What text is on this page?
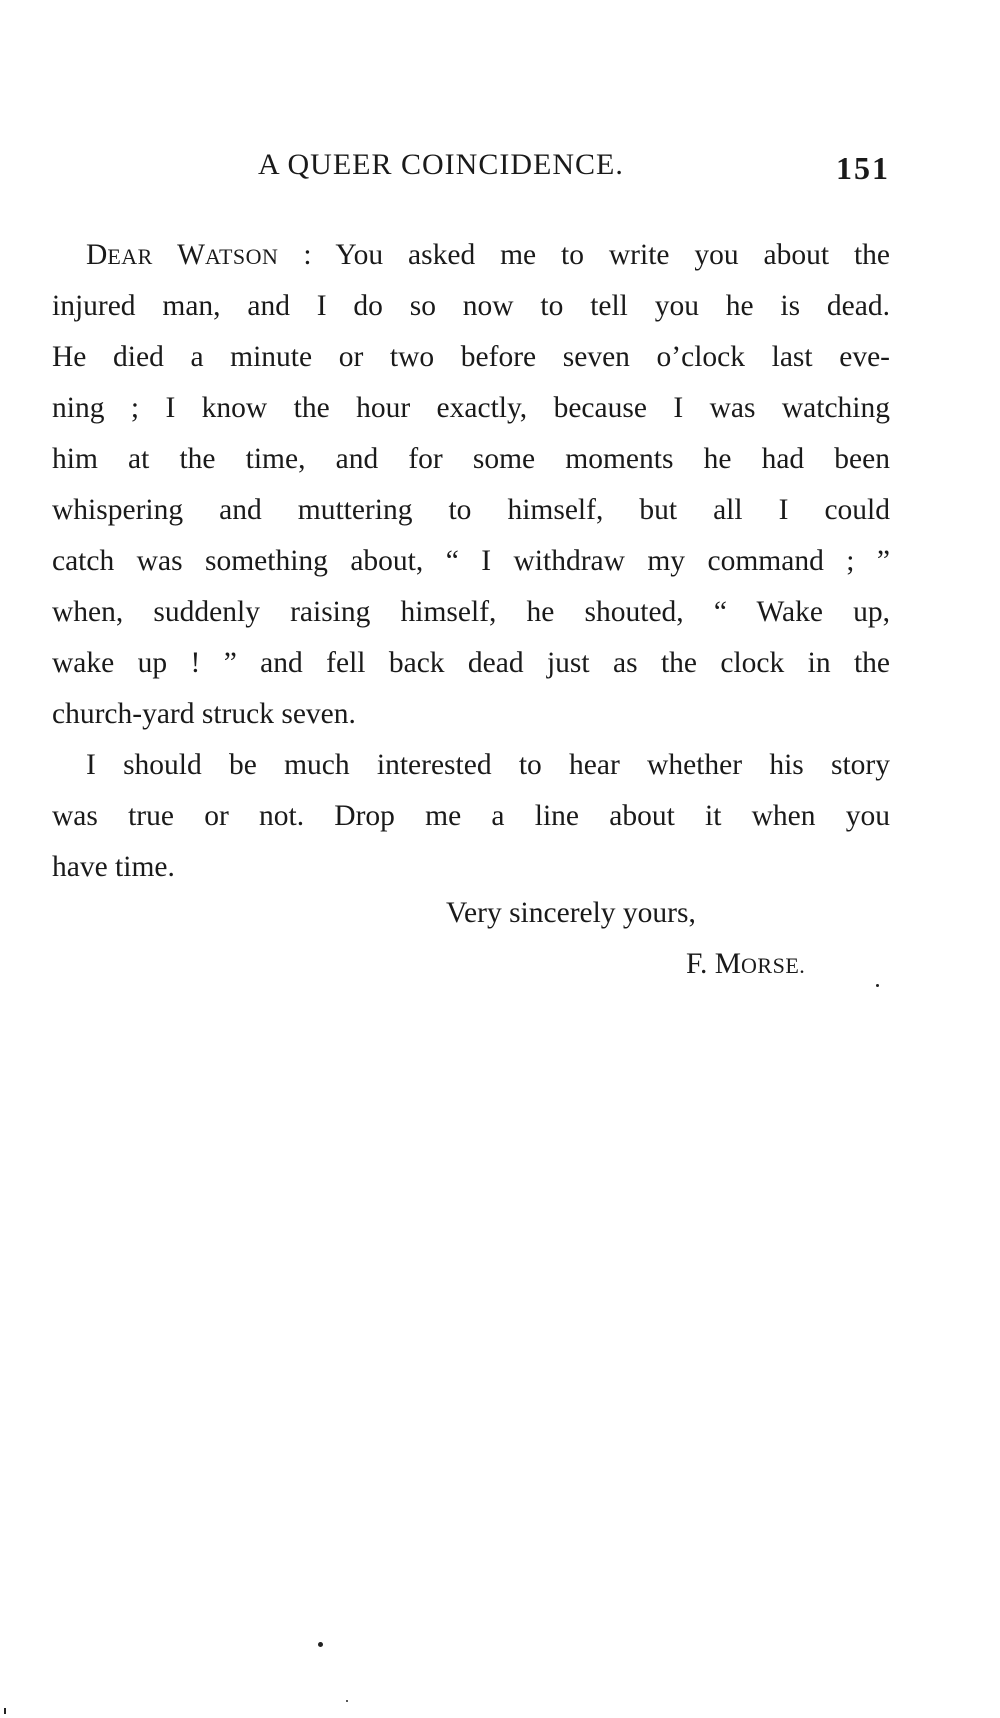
A QUEER COINCIDENCE.	151
DEAR WATSON : You asked me to write you about the
injured man, and I do so now to tell you he is dead.
He died a minute or two before seven o’clock last eve-
ning ; I know the hour exactly, because I was watching
him at the time, and for some moments he had been
whispering and muttering to himself, but all I could
catch was something about, “ I withdraw my command ; ”
when, suddenly raising himself, he shouted, “ Wake up,
wake up ! ” and fell back dead just as the clock in the
church-yard struck seven.
I should be much interested to hear whether his story
was true or not. Drop me a line about it when you
have time.
Very sincerely yours,
F. MORSE.
